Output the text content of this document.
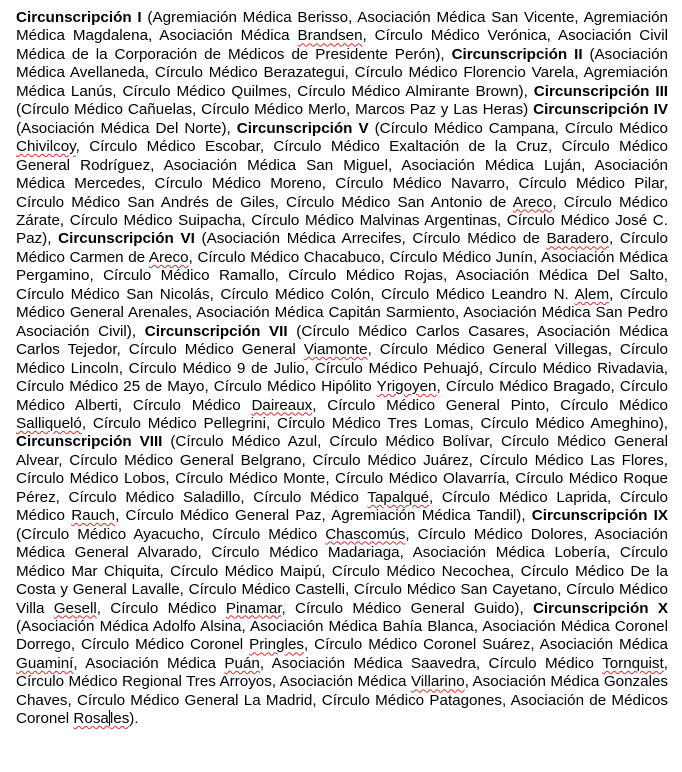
Circunscripción I (Agremiación Médica Berisso, Asociación Médica San Vicente, Agremiación Médica Magdalena, Asociación Médica Brandsen, Círculo Médico Verónica, Asociación Civil Médica de la Corporación de Médicos de Presidente Perón), Circunscripción II (Asociación Médica Avellaneda, Círculo Médico Berazategui, Círculo Médico Florencio Varela, Agremiación Médica Lanús, Círculo Médico Quilmes, Círculo Médico Almirante Brown), Circunscripción III (Círculo Médico Cañuelas, Círculo Médico Merlo, Marcos Paz y Las Heras) Circunscripción IV (Asociación Médica Del Norte), Circunscripción V (Círculo Médico Campana, Círculo Médico Chivilcoy, Círculo Médico Escobar, Círculo Médico Exaltación de la Cruz, Círculo Médico General Rodríguez, Asociación Médica San Miguel, Asociación Médica Luján, Asociación Médica Mercedes, Círculo Médico Moreno, Círculo Médico Navarro, Círculo Médico Pilar, Círculo Médico San Andrés de Giles, Círculo Médico San Antonio de Areco, Círculo Médico Zárate, Círculo Médico Suipacha, Círculo Médico Malvinas Argentinas, Círculo Médico José C. Paz), Circunscripción VI (Asociación Médica Arrecifes, Círculo Médico de Baradero, Círculo Médico Carmen de Areco, Círculo Médico Chacabuco, Círculo Médico Junín, Asociación Médica Pergamino, Círculo Médico Ramallo, Círculo Médico Rojas, Asociación Médica Del Salto, Círculo Médico San Nicolás, Círculo Médico Colón, Círculo Médico Leandro N. Alem, Círculo Médico General Arenales, Asociación Médica Capitán Sarmiento, Asociación Médica San Pedro Asociación Civil), Circunscripción VII (Círculo Médico Carlos Casares, Asociación Médica Carlos Tejedor, Círculo Médico General Viamonte, Círculo Médico General Villegas, Círculo Médico Lincoln, Círculo Médico 9 de Julio, Círculo Médico Pehuajó, Círculo Médico Rivadavia, Círculo Médico 25 de Mayo, Círculo Médico Hipólito Yrigoyen, Círculo Médico Bragado, Círculo Médico Alberti, Círculo Médico Daireaux, Círculo Médico General Pinto, Círculo Médico Salliqueló, Círculo Médico Pellegrini, Círculo Médico Tres Lomas, Círculo Médico Ameghino), Circunscripción VIII (Círculo Médico Azul, Círculo Médico Bolívar, Círculo Médico General Alvear, Círculo Médico General Belgrano, Círculo Médico Juárez, Círculo Médico Las Flores, Círculo Médico Lobos, Círculo Médico Monte, Círculo Médico Olavarría, Círculo Médico Roque Pérez, Círculo Médico Saladillo, Círculo Médico Tapalqué, Círculo Médico Laprida, Círculo Médico Rauch, Círculo Médico General Paz, Agremiación Médica Tandil), Circunscripción IX (Círculo Médico Ayacucho, Círculo Médico Chascomús, Círculo Médico Dolores, Asociación Médica General Alvarado, Círculo Médico Madariaga, Asociación Médica Lobería, Círculo Médico Mar Chiquita, Círculo Médico Maipú, Círculo Médico Necochea, Círculo Médico De la Costa y General Lavalle, Círculo Médico Castelli, Círculo Médico San Cayetano, Círculo Médico Villa Gesell, Círculo Médico Pinamar, Círculo Médico General Guido), Circunscripción X (Asociación Médica Adolfo Alsina, Asociación Médica Bahía Blanca, Asociación Médica Coronel Dorrego, Círculo Médico Coronel Pringles, Círculo Médico Coronel Suárez, Asociación Médica Guaminí, Asociación Médica Puán, Asociación Médica Saavedra, Círculo Médico Tornquist, Círculo Médico Regional Tres Arroyos, Asociación Médica Villarino, Asociación Médica Gonzales Chaves, Círculo Médico General La Madrid, Círculo Médico Patagones, Asociación de Médicos Coronel Rosales).
